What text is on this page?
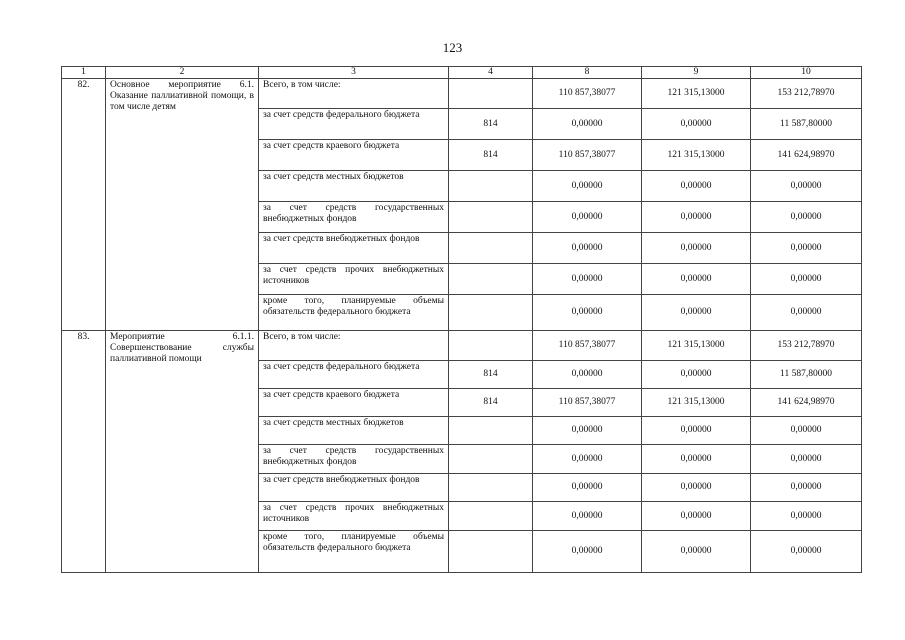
123
1	2	3	4	8	9	10
82.	Основное мероприятие 6.1. Оказание паллиативной помощи, в том числе детям	Всего, в том числе:		110 857,38077	121 315,13000	153 212,78970
		за счет средств федерального бюджета	814	0,00000	0,00000	11 587,80000
		за счет средств краевого бюджета	814	110 857,38077	121 315,13000	141 624,98970
		за счет средств местных бюджетов		0,00000	0,00000	0,00000
		за счет средств государственных внебюджетных фондов		0,00000	0,00000	0,00000
		за счет средств внебюджетных фондов		0,00000	0,00000	0,00000
		за счет средств прочих внебюджетных источников		0,00000	0,00000	0,00000
		кроме того, планируемые объемы обязательств федерального бюджета		0,00000	0,00000	0,00000
83.	Мероприятие 6.1.1. Совершенствование службы паллиативной помощи	Всего, в том числе:		110 857,38077	121 315,13000	153 212,78970
		за счет средств федерального бюджета	814	0,00000	0,00000	11 587,80000
		за счет средств краевого бюджета	814	110 857,38077	121 315,13000	141 624,98970
		за счет средств местных бюджетов		0,00000	0,00000	0,00000
		за счет средств государственных внебюджетных фондов		0,00000	0,00000	0,00000
		за счет средств внебюджетных фондов		0,00000	0,00000	0,00000
		за счет средств прочих внебюджетных источников		0,00000	0,00000	0,00000
		кроме того, планируемые объемы обязательств федерального бюджета		0,00000	0,00000	0,00000
